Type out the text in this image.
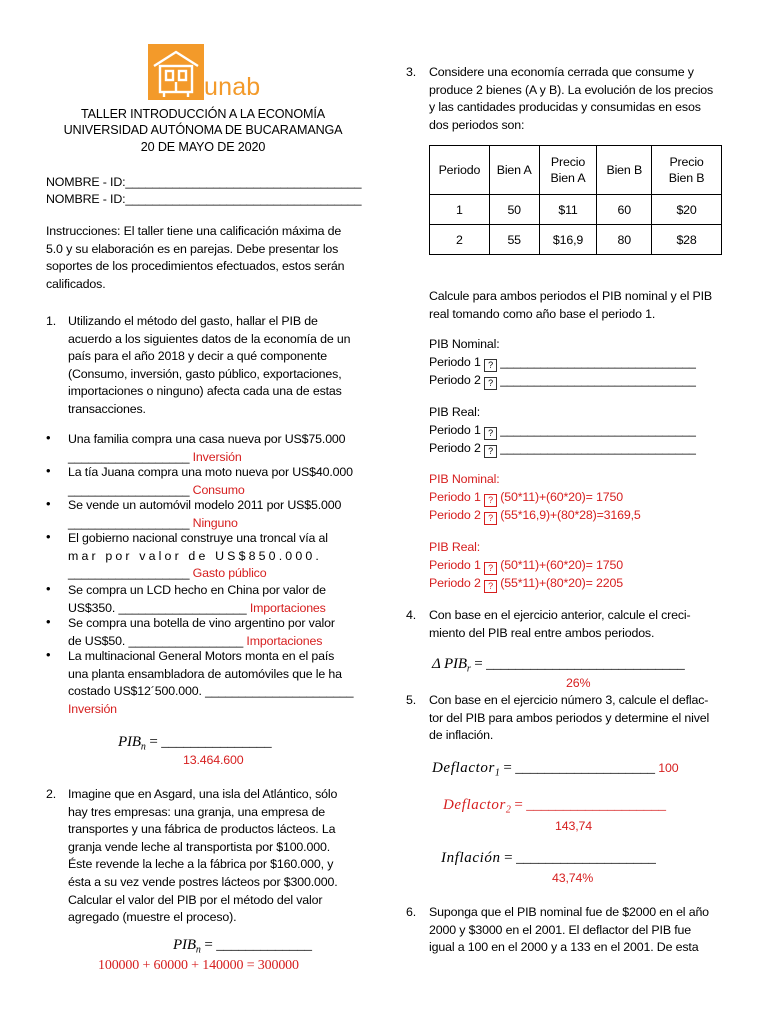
unab
TALLER INTRODUCCIÓN A LA ECONOMÍA
UNIVERSIDAD AUTÓNOMA DE BUCARAMANGA
20 DE MAYO DE 2020
NOMBRE - ID:___________________________________
NOMBRE - ID:___________________________________
Instrucciones: El taller tiene una calificación máxima de
5.0 y su elaboración es en parejas. Debe presentar los
soportes de los procedimientos efectuados, estos serán
calificados.
1. Utilizando el método del gasto, hallar el PIB de
acuerdo a los siguientes datos de la economía de un
país para el año 2018 y decir a qué componente
(Consumo, inversión, gasto público, exportaciones,
importaciones o ninguno) afecta cada una de estas
transacciones.
• Una familia compra una casa nueva por US$75.000
__________________ Inversión
• La tía Juana compra una moto nueva por US$40.000
__________________ Consumo
• Se vende un automóvil modelo 2011 por US$5.000
__________________ Ninguno
• El gobierno nacional construye una troncal vía al
m a r   p o r   v a l o r   d e   U S $ 8 5 0 . 0 0 0 .
__________________ Gasto público
• Se compra un LCD hecho en China por valor de
US$350. ___________________ Importaciones
• Se compra una botella de vino argentino por valor
de US$50. _________________ Importaciones
• La multinacional General Motors monta en el país
una planta ensambladora de automóviles que le ha
costado US$12´500.000. ______________________
Inversión
$PIB_n$ = _______________
13.464.600
2. Imagine que en Asgard, una isla del Atlántico, sólo
hay tres empresas: una granja, una empresa de
transportes y una fábrica de productos lácteos. La
granja vende leche al transportista por $100.000.
Éste revende la leche a la fábrica por $160.000, y
ésta a su vez vende postres lácteos por $300.000.
Calcular el valor del PIB por el método del valor
agregado (muestre el proceso).
$PIB_n$ = _____________
100000 + 60000 + 140000 = 300000
3. Considere una economía cerrada que consume y
produce 2 bienes (A y B). La evolución de los precios
y las cantidades producidas y consumidas en esos
dos periodos son:
Periodo	Bien A	Precio Bien A	Bien B	Precio Bien B
1	50	$11	60	$20
2	55	$16,9	80	$28
Calcule para ambos periodos el PIB nominal y el PIB
real tomando como año base el periodo 1.
PIB Nominal:
Periodo 1 ? _____________________________
Periodo 2 ? _____________________________
PIB Real:
Periodo 1 ? _____________________________
Periodo 2 ? _____________________________
PIB Nominal:
Periodo 1 ? (50*11)+(60*20)= 1750
Periodo 2 ? (55*16,9)+(80*28)=3169,5
PIB Real:
Periodo 1 ? (50*11)+(60*20)= 1750
Periodo 2 ? (55*11)+(80*20)= 2205
4. Con base en el ejercicio anterior, calcule el creci-
miento del PIB real entre ambos periodos.
Δ $PIB_r$ = ___________________________
26%
5. Con base en el ejercicio número 3, calcule el deflac-
tor del PIB para ambos periodos y determine el nivel
de inflación.
Deflactor$_1$ = ___________________ 100
Deflactor$_2$ = ___________________
143,74
Inflación = ___________________
43,74%
6. Suponga que el PIB nominal fue de $2000 en el año
2000 y $3000 en el 2001. El deflactor del PIB fue
igual a 100 en el 2000 y a 133 en el 2001. De esta
